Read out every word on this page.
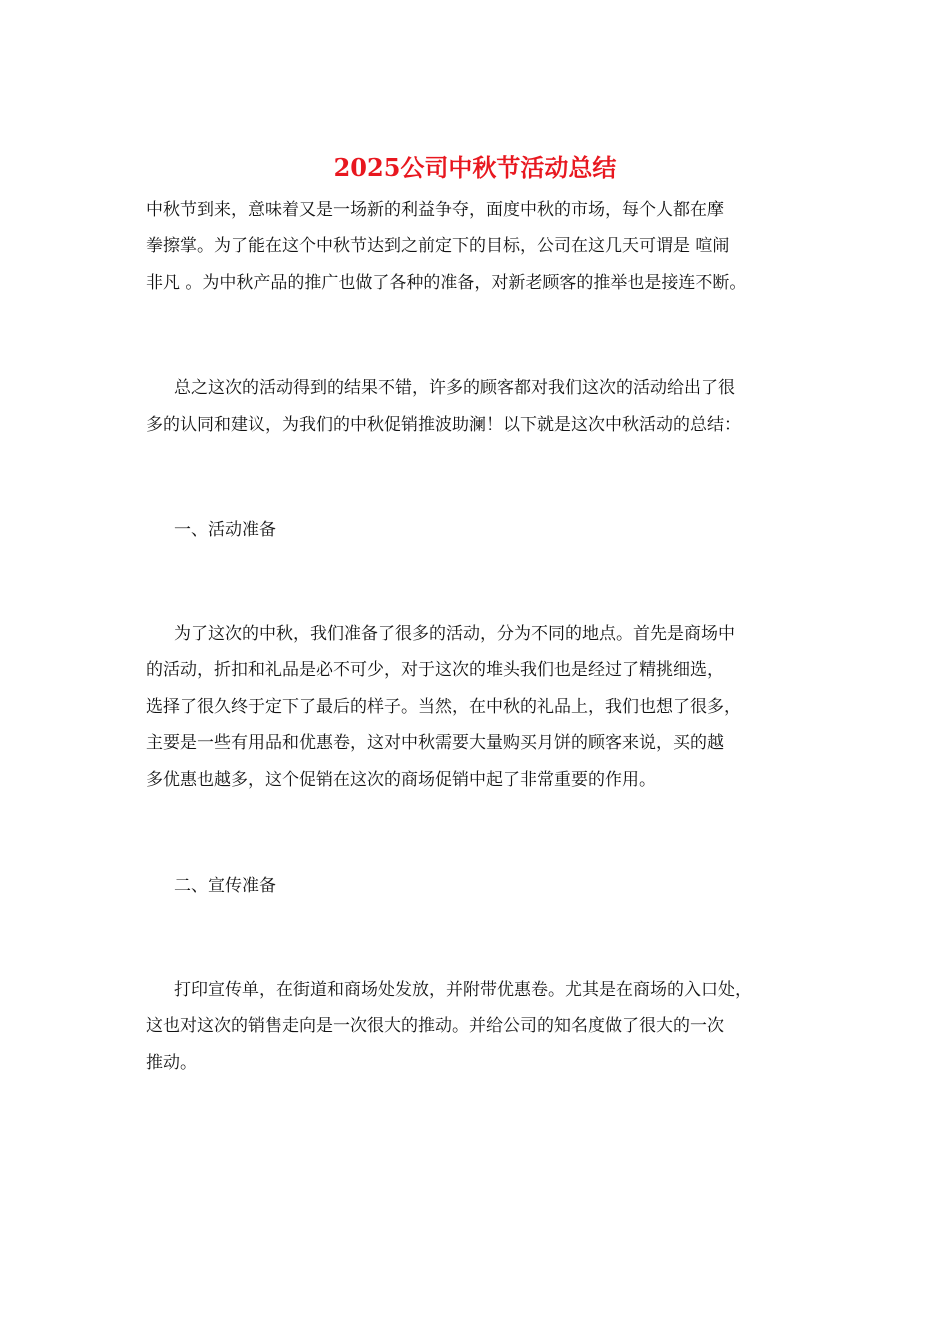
2025公司中秋节活动总结

中秋节到来，意味着又是一场新的利益争夺，面度中秋的市场，每个人都在摩

拳擦掌。为了能在这个中秋节达到之前定下的目标，公司在这几天可谓是 喧闹

非凡 。为中秋产品的推广也做了各种的准备，对新老顾客的推举也是接连不断。

总之这次的活动得到的结果不错，许多的顾客都对我们这次的活动给出了很

多的认同和建议，为我们的中秋促销推波助澜！以下就是这次中秋活动的总结：

一、活动准备

为了这次的中秋，我们准备了很多的活动，分为不同的地点。首先是商场中

的活动，折扣和礼品是必不可少，对于这次的堆头我们也是经过了精挑细选，

选择了很久终于定下了最后的样子。当然，在中秋的礼品上，我们也想了很多，

主要是一些有用品和优惠卷，这对中秋需要大量购买月饼的顾客来说，买的越

多优惠也越多，这个促销在这次的商场促销中起了非常重要的作用。

二、宣传准备

打印宣传单，在街道和商场处发放，并附带优惠卷。尤其是在商场的入口处，

这也对这次的销售走向是一次很大的推动。并给公司的知名度做了很大的一次

推动。
